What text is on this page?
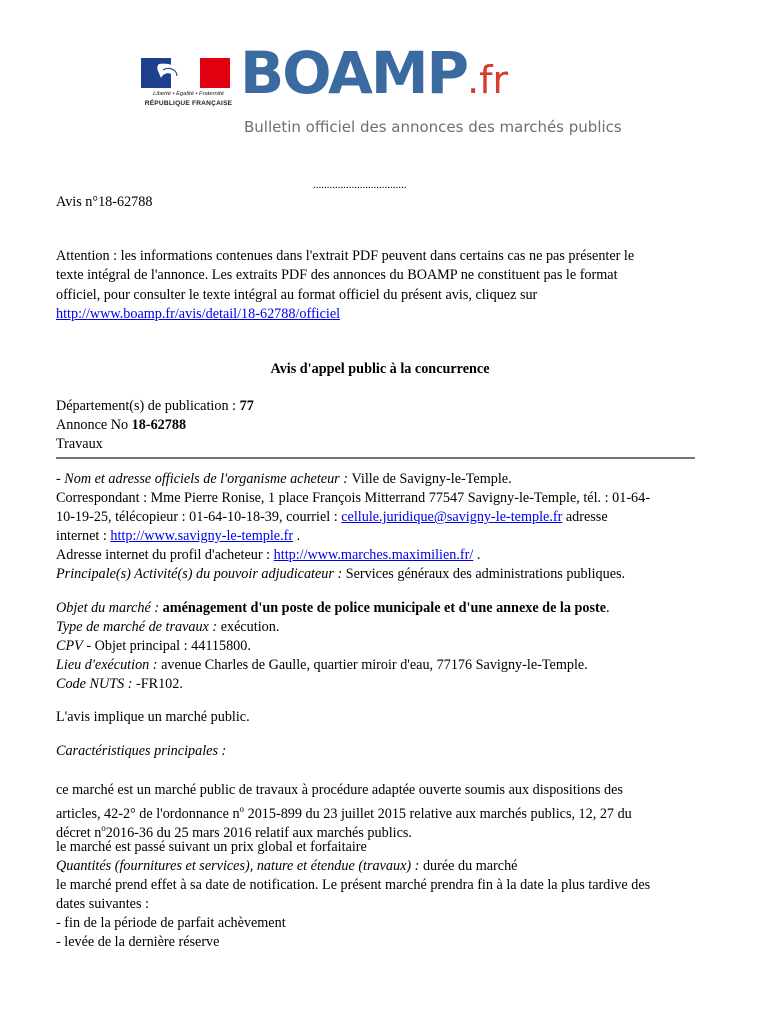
Liberté • Égalité • Fraternité
RÉPUBLIQUE FRANÇAISE BOAMP.fr
Bulletin officiel des annonces des marchés publics
..................................
Avis n°18-62788
Attention : les informations contenues dans l'extrait PDF peuvent dans certains cas ne pas présenter le
texte intégral de l'annonce. Les extraits PDF des annonces du BOAMP ne constituent pas le format
officiel, pour consulter le texte intégral au format officiel du présent avis, cliquez sur
http://www.boamp.fr/avis/detail/18-62788/officiel
Avis d'appel public à la concurrence
Département(s) de publication : 77
Annonce No 18-62788
Travaux
- Nom et adresse officiels de l'organisme acheteur : Ville de Savigny-le-Temple.
Correspondant : Mme Pierre Ronise, 1 place François Mitterrand 77547 Savigny-le-Temple, tél. : 01-64-
10-19-25, télécopieur : 01-64-10-18-39, courriel : cellule.juridique@savigny-le-temple.fr adresse
internet : http://www.savigny-le-temple.fr .
Adresse internet du profil d'acheteur : http://www.marches.maximilien.fr/ .
Principale(s) Activité(s) du pouvoir adjudicateur : Services généraux des administrations publiques.
Objet du marché : aménagement d'un poste de police municipale et d'une annexe de la poste.
Type de marché de travaux : exécution.
CPV - Objet principal : 44115800.
Lieu d'exécution : avenue Charles de Gaulle, quartier miroir d'eau, 77176 Savigny-le-Temple.
Code NUTS : -FR102.
L'avis implique un marché public.
Caractéristiques principales :
ce marché est un marché public de travaux à procédure adaptée ouverte soumis aux dispositions des
articles, 42-2° de l'ordonnance $n^o$ 2015-899 du 23 juillet 2015 relative aux marchés publics, 12, 27 du
décret $n^o2016-36$ du 25 mars 2016 relatif aux marchés publics.
le marché est passé suivant un prix global et forfaitaire
Quantités (fournitures et services), nature et étendue (travaux) : durée du marché
le marché prend effet à sa date de notification. Le présent marché prendra fin à la date la plus tardive des
dates suivantes :
- fin de la période de parfait achèvement
- levée de la dernière réserve
